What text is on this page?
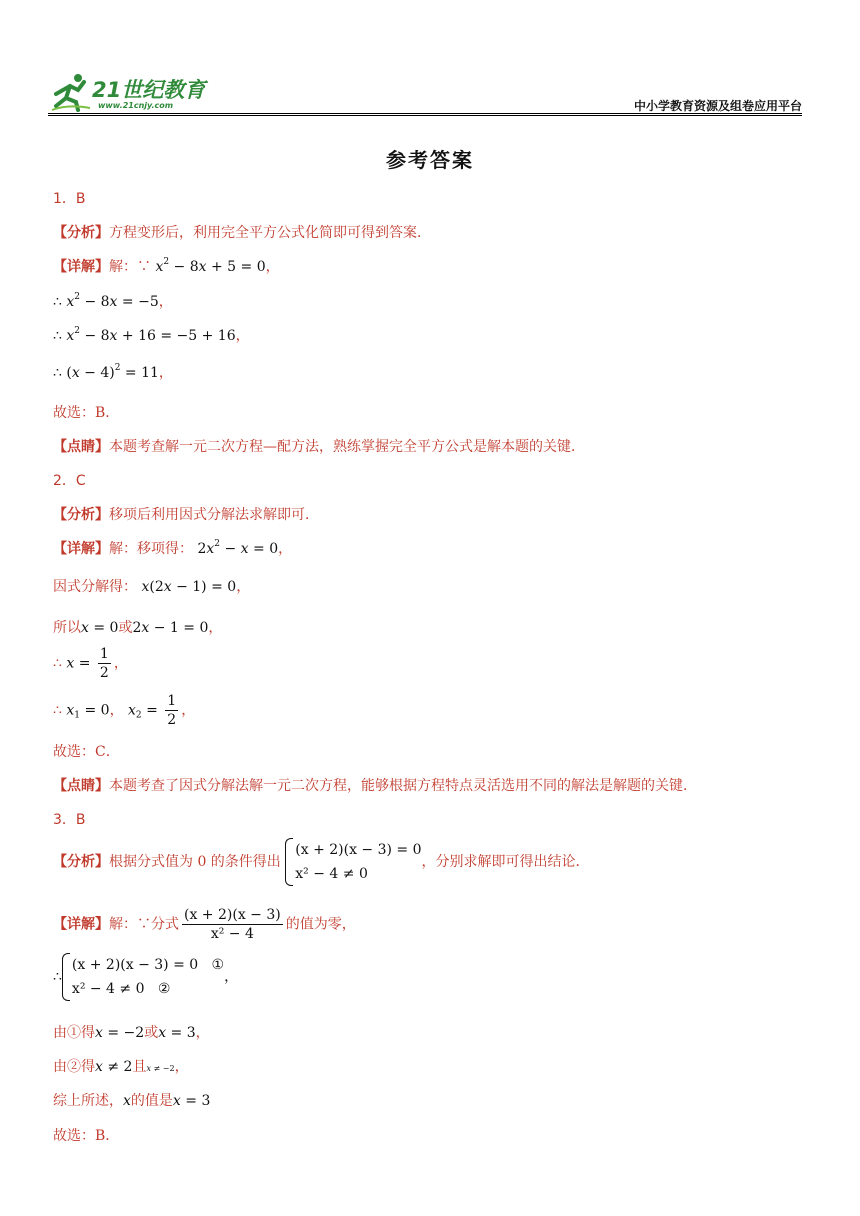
21世纪教育
www.21cnjy.com	中小学教育资源及组卷应用平台
参考答案
1．B
【分析】方程变形后，利用完全平方公式化简即可得到答案．
【详解】解：∵ $x^2 - 8x + 5 = 0$，
∴ $x^2 - 8x = -5$，
∴ $x^2 - 8x + 16 = -5 + 16$，
∴ $(x - 4)^2 = 11$，
故选：B．
【点睛】本题考查解一元二次方程—配方法，熟练掌握完全平方公式是解本题的关键．
2．C
【分析】移项后利用因式分解法求解即可．
【详解】解：移项得： $2x^2 - x = 0$，
因式分解得： x(2x − 1) = 0，
所以x = 0或2x − 1 = 0，
∴ $x = \frac{1}{2}$ ，
∴ $x_1 = 0$， $x_2 = \frac{1}{2}$ ，
故选：C．
【点睛】本题考查了因式分解法解一元二次方程，能够根据方程特点灵活选用不同的解法是解题的关键．
3．B
【分析】根据分式值为 0 的条件得出
(x + 2)(x − 3) = 0
x² − 4 ≠ 0
，分别求解即可得出结论．
【详解】解：∵分式 $\frac{(x + 2)(x - 3)}{\text{x² − 4}}$ 的值为零，
∴
(x + 2)(x − 3) = 0 ①
x² − 4 ≠ 0 ②
，
由①得x = −2或x = 3，
由②得x ≠ 2且x ≠ −2，
综上所述，x的值是x = 3
故选：B．
